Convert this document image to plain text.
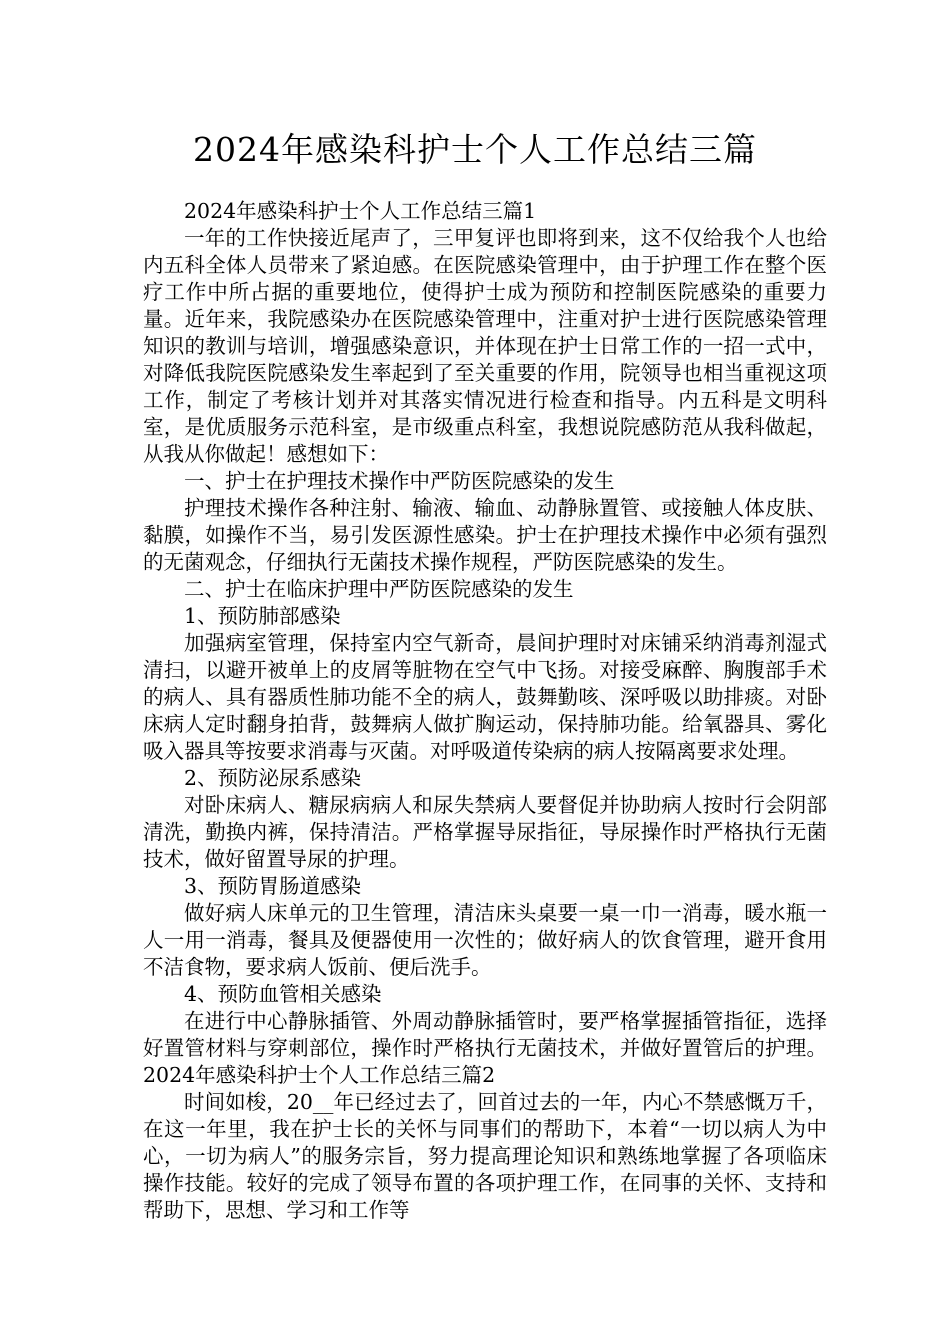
2024年感染科护士个人工作总结三篇

2024年感染科护士个人工作总结三篇1

一年的工作快接近尾声了，三甲复评也即将到来，这不仅给我个人也给内五科全体人员带来了紧迫感。在医院感染管理中，由于护理工作在整个医疗工作中所占据的重要地位，使得护士成为预防和控制医院感染的重要力量。近年来，我院感染办在医院感染管理中，注重对护士进行医院感染管理知识的教训与培训，增强感染意识，并体现在护士日常工作的一招一式中，对降低我院医院感染发生率起到了至关重要的作用，院领导也相当重视这项工作，制定了考核计划并对其落实情况进行检查和指导。内五科是文明科室，是优质服务示范科室，是市级重点科室，我想说院感防范从我科做起，从我从你做起！感想如下：

一、护士在护理技术操作中严防医院感染的发生

护理技术操作各种注射、输液、输血、动静脉置管、或接触人体皮肤、黏膜，如操作不当，易引发医源性感染。护士在护理技术操作中必须有强烈的无菌观念，仔细执行无菌技术操作规程，严防医院感染的发生。

二、护士在临床护理中严防医院感染的发生

1、预防肺部感染

加强病室管理，保持室内空气新奇，晨间护理时对床铺采纳消毒剂湿式清扫，以避开被单上的皮屑等脏物在空气中飞扬。对接受麻醉、胸腹部手术的病人、具有器质性肺功能不全的病人，鼓舞勤咳、深呼吸以助排痰。对卧床病人定时翻身拍背，鼓舞病人做扩胸运动，保持肺功能。给氧器具、雾化吸入器具等按要求消毒与灭菌。对呼吸道传染病的病人按隔离要求处理。

2、预防泌尿系感染

对卧床病人、糖尿病病人和尿失禁病人要督促并协助病人按时行会阴部清洗，勤换内裤，保持清洁。严格掌握导尿指征，导尿操作时严格执行无菌技术，做好留置导尿的护理。

3、预防胃肠道感染

做好病人床单元的卫生管理，清洁床头桌要一桌一巾一消毒，暖水瓶一人一用一消毒，餐具及便器使用一次性的；做好病人的饮食管理，避开食用不洁食物，要求病人饭前、便后洗手。

4、预防血管相关感染

在进行中心静脉插管、外周动静脉插管时，要严格掌握插管指征，选择好置管材料与穿刺部位，操作时严格执行无菌技术，并做好置管后的护理。2024年感染科护士个人工作总结三篇2

时间如梭，20__年已经过去了，回首过去的一年，内心不禁感慨万千，在这一年里，我在护士长的关怀与同事们的帮助下，本着“一切以病人为中心，一切为病人”的服务宗旨，努力提高理论知识和熟练地掌握了各项临床操作技能。较好的完成了领导布置的各项护理工作，在同事的关怀、支持和帮助下，思想、学习和工作等
